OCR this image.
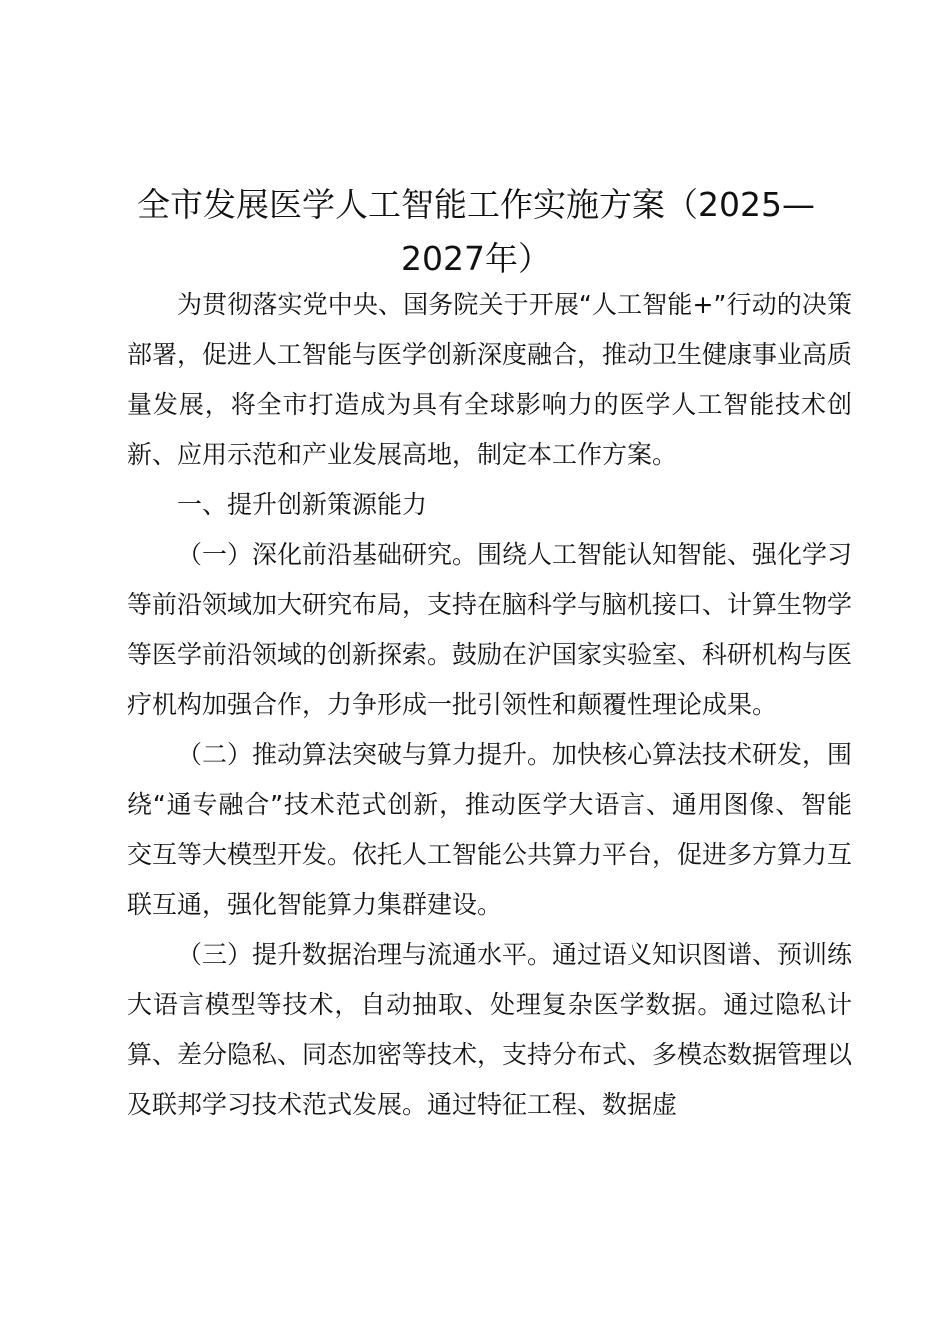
全市发展医学人工智能工作实施方案（2025—2027年）

为贯彻落实党中央、国务院关于开展“人工智能+”行动的决策部署，促进人工智能与医学创新深度融合，推动卫生健康事业高质量发展，将全市打造成为具有全球影响力的医学人工智能技术创新、应用示范和产业发展高地，制定本工作方案。

一、提升创新策源能力

（一）深化前沿基础研究。围绕人工智能认知智能、强化学习等前沿领域加大研究布局，支持在脑科学与脑机接口、计算生物学等医学前沿领域的创新探索。鼓励在沪国家实验室、科研机构与医疗机构加强合作，力争形成一批引领性和颠覆性理论成果。

（二）推动算法突破与算力提升。加快核心算法技术研发，围绕“通专融合”技术范式创新，推动医学大语言、通用图像、智能交互等大模型开发。依托人工智能公共算力平台，促进多方算力互联互通，强化智能算力集群建设。

（三）提升数据治理与流通水平。通过语义知识图谱、预训练大语言模型等技术，自动抽取、处理复杂医学数据。通过隐私计算、差分隐私、同态加密等技术，支持分布式、多模态数据管理以及联邦学习技术范式发展。通过特征工程、数据虚
